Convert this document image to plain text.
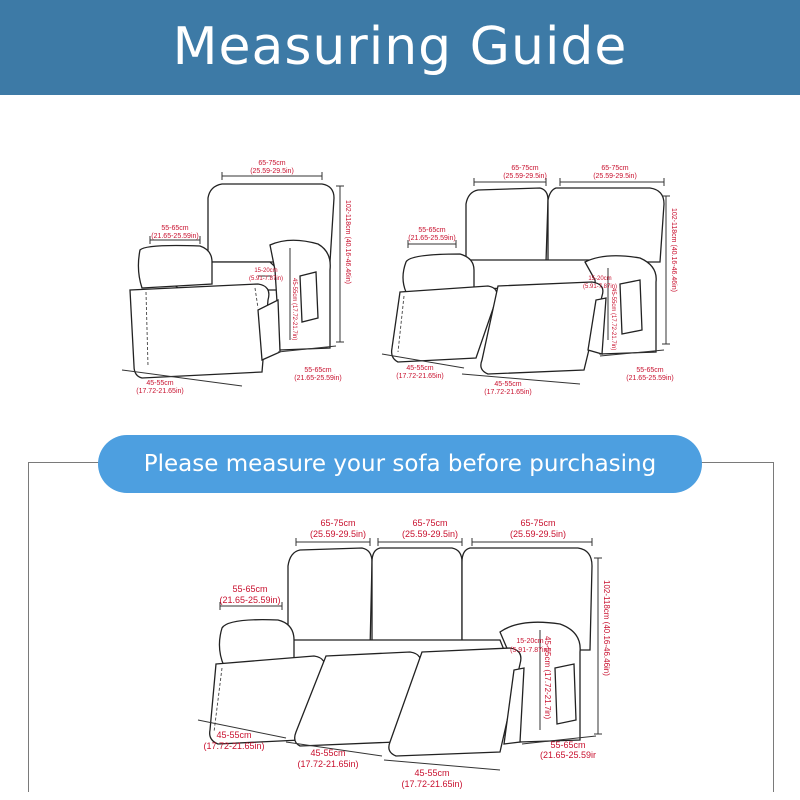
Measuring Guide
65-75cm
(25.59-29.5in)
55-65cm
(21.65-25.59in)
15-20cm
(5.91-7.87in) 45-55cm (17.72-21.7in)
102-118cm (40.16-46.46in)
55-65cm
(21.65-25.59in)
45-55cm
(17.72-21.65in)
65-75cm
(25.59-29.5in)
65-75cm
(25.59-29.5in)
55-65cm
(21.65-25.59in)
15-20cm
(5.91-7.87in)
45-55cm (17.72-21.7in)
102-118cm (40.16-46.46in)
55-65cm
(21.65-25.59in)
45-55cm
(17.72-21.65in)
45-55cm
(17.72-21.65in)
65-75cm
(25.59-29.5in)
65-75cm
(25.59-29.5in)
65-75cm
(25.59-29.5in)
55-65cm
(21.65-25.59in)
15-20cm
(5.91-7.87in)
45-55cm (17.72-21.7in)
102-118cm (40.16-46.46in)
55-65cm
(21.65-25.59ir
45-55cm
(17.72-21.65in)
45-55cm
(17.72-21.65in)
45-55cm
(17.72-21.65in)
Please measure your sofa before purchasing
